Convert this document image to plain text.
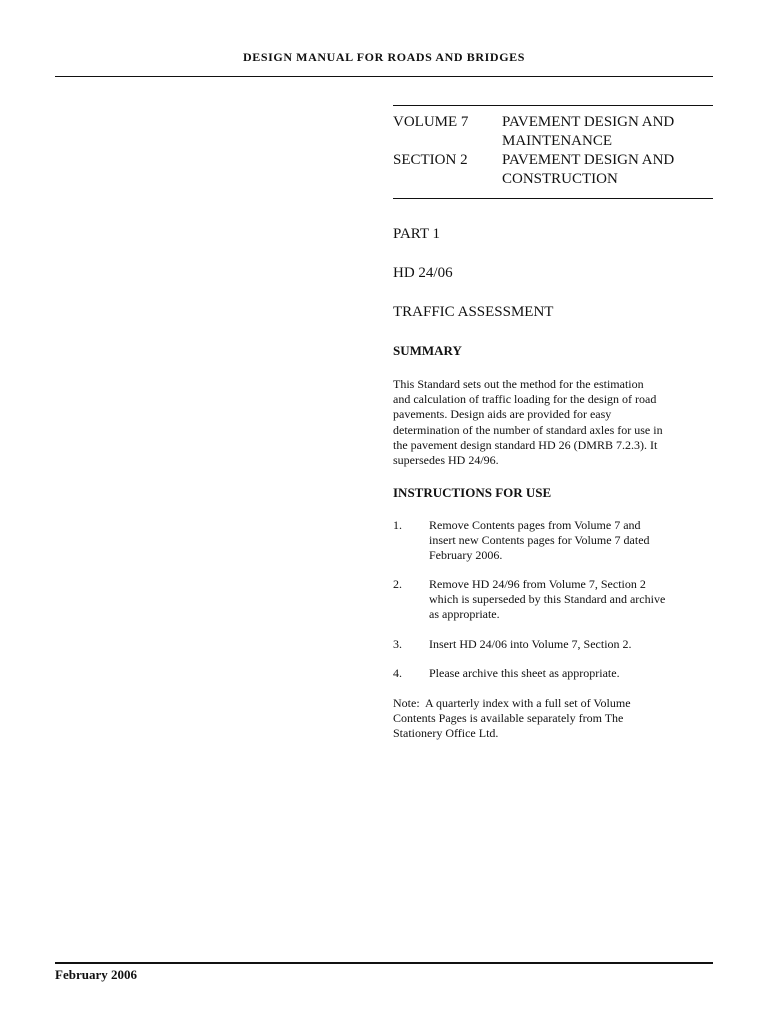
DESIGN MANUAL FOR ROADS AND BRIDGES
VOLUME 7	PAVEMENT DESIGN AND
MAINTENANCE
SECTION 2	PAVEMENT DESIGN AND
CONSTRUCTION
PART 1
HD 24/06
TRAFFIC ASSESSMENT
SUMMARY
This Standard sets out the method for the estimation
and calculation of traffic loading for the design of road
pavements. Design aids are provided for easy
determination of the number of standard axles for use in
the pavement design standard HD 26 (DMRB 7.2.3). It
supersedes HD 24/96.
INSTRUCTIONS FOR USE
1.	Remove Contents pages from Volume 7 and
insert new Contents pages for Volume 7 dated
February 2006.
2.	Remove HD 24/96 from Volume 7, Section 2
which is superseded by this Standard and archive
as appropriate.
3.	Insert HD 24/06 into Volume 7, Section 2.
4.	Please archive this sheet as appropriate.
Note:  A quarterly index with a full set of Volume
Contents Pages is available separately from The
Stationery Office Ltd.
February 2006
